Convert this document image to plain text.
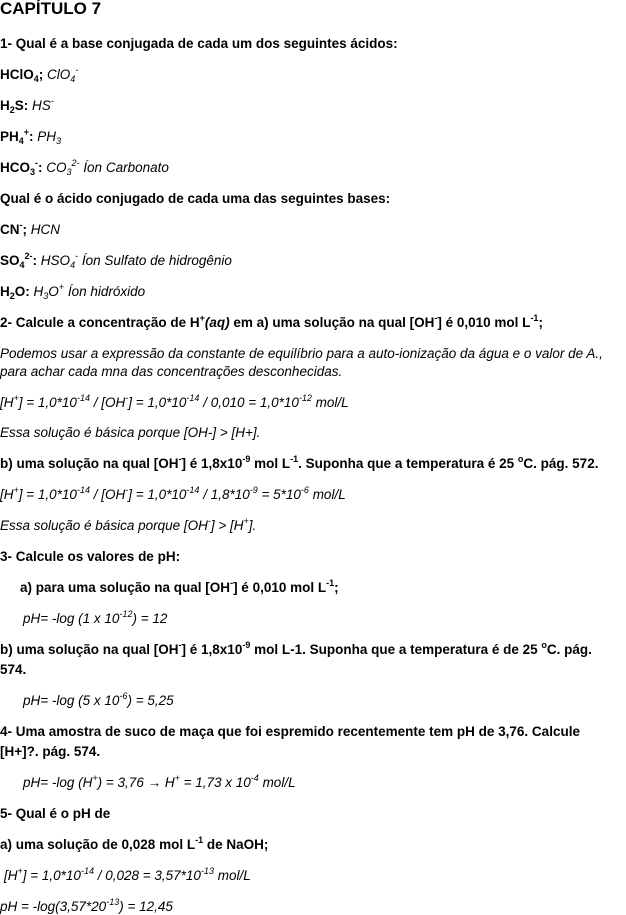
CAPÍTULO 7
1- Qual é a base conjugada de cada um dos seguintes ácidos:
HClO$_4$; ClO$_4$-
$H_2S$: HS-
$PH_4^+$: $PH_3$
$HCO_3^-$: $CO_3^{2-}$ Íon Carbonato
Qual é o ácido conjugado de cada uma das seguintes bases:
CN-; HCN
$SO_4^{2-}$: $HSO_4^-$ Íon Sulfato de hidrogênio
$H_2O$: $H_3O^+$ Íon hidróxido
2- Calcule a concentração de H+(aq) em a) uma solução na qual [OH-] é 0,010 mol $L^{-1}$;
Podemos usar a expressão da constante de equilíbrio para a auto-ionização da água e o valor de A., para achar cada mna das concentrações desconhecidas.
$[H^+] = 1,0*10^{-14} / [OH^-] = 1,0*10^{-14} / 0,010 = 1,0*10^{-12}$ mol/L
Essa solução é básica porque [OH-] > [H+].
b) uma solução na qual [OH-] é $1,8x10^{-9}$ mol $L^{-1}$. Suponha que a temperatura é 25 $^o$C. pág. 572.
$[H^+] = 1,0*10^{-14} / [OH^-] = 1,0*10^{-14} / 1,8*10^{-9} = 5*10^{-6}$ mol/L
Essa solução é básica porque [OH-] > [H+].
3- Calcule os valores de pH:
a) para uma solução na qual [OH-] é 0,010 mol $L^{-1}$;
pH= -log (1 x $10^{-12}) = 12$
b) uma solução na qual [OH-] é $1,8x10^{-9}$ mol L-1. Suponha que a temperatura é de 25 $^o$C. pág.
574.
pH= -log (5 x $10^{-6}) = 5,25$
4- Uma amostra de suco de maça que foi espremido recentemente tem pH de 3,76. Calcule
[H+]?. pág. 574.
pH= -log (H+) = 3,76 → H+ = 1,73 x $10^{-4}$ mol/L
5- Qual é o pH de
a) uma solução de 0,028 mol $L^{-1}$ de NaOH;
$[H^+] = 1,0*10^{-14} / 0,028 = 3,57*10^{-13}$ mol/L
pH = $-\log(3,57*20^{-13}) = 12,45$
